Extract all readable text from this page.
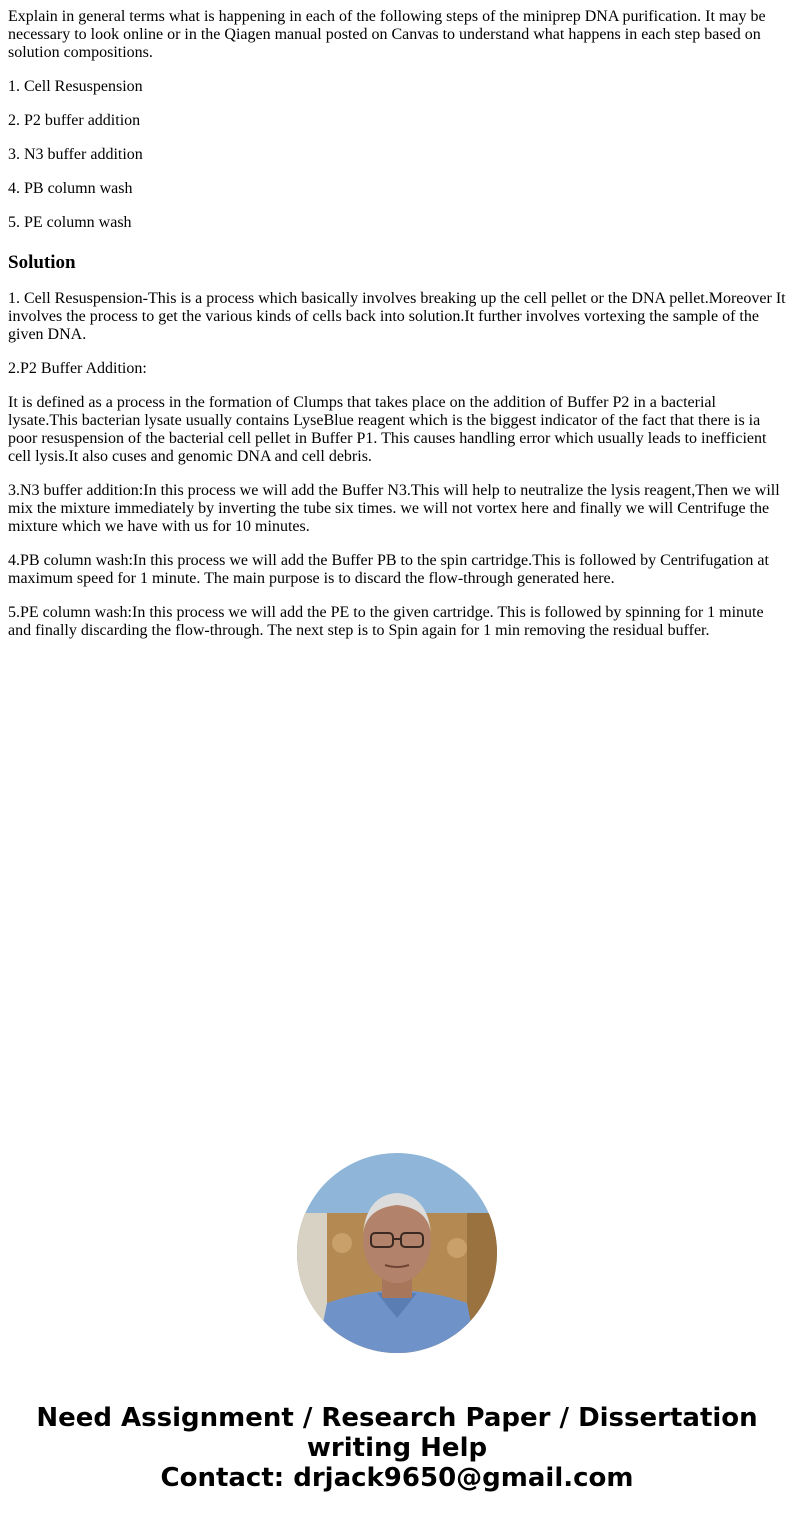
Explain in general terms what is happening in each of the following steps of the miniprep DNA purification. It may be necessary to look online or in the Qiagen manual posted on Canvas to understand what happens in each step based on solution compositions.

1. Cell Resuspension

2. P2 buffer addition

3. N3 buffer addition

4. PB column wash

5. PE column wash

Solution

1. Cell Resuspension-This is a process which basically involves breaking up the cell pellet or the DNA pellet.Moreover It involves the process to get the various kinds of cells back into solution.It further involves vortexing the sample of the given DNA.

2.P2 Buffer Addition:

It is defined as a process in the formation of Clumps that takes place on the addition of Buffer P2 in a bacterial lysate.This bacterian lysate usually contains LyseBlue reagent which is the biggest indicator of the fact that there is ia poor resuspension of the bacterial cell pellet in Buffer P1. This causes handling error which usually leads to inefficient cell lysis.It also cuses and genomic DNA and cell debris.

3.N3 buffer addition:In this process we will add the Buffer N3.This will help to neutralize the lysis reagent,Then we will mix the mixture immediately by inverting the tube six times. we will not vortex here and finally we will Centrifuge the mixture which we have with us for 10 minutes.

4.PB column wash:In this process we will add the Buffer PB to the spin cartridge.This is followed by Centrifugation at maximum speed for 1 minute. The main purpose is to discard the flow-through generated here.

5.PE column wash:In this process we will add the PE to the given cartridge. This is followed by spinning for 1 minute and finally discarding the flow-through. The next step is to Spin again for 1 min removing the residual buffer.

Need Assignment / Research Paper / Dissertation
writing Help
Contact: drjack9650@gmail.com
